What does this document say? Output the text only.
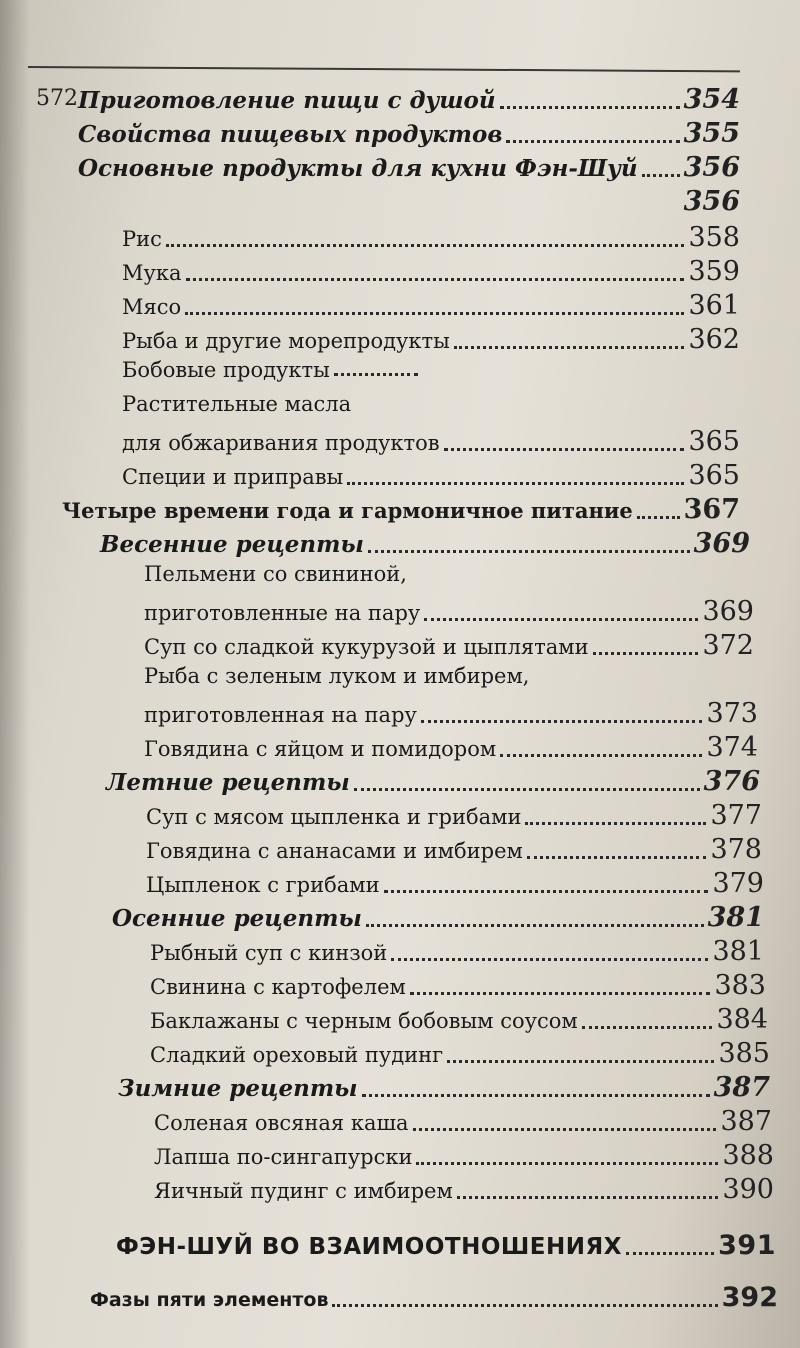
572 Приготовление пищи с душой	354
Свойства пищевых продуктов	355
Основные продукты для кухни Фэн-Шуй 356
356
Рис	358
Мука	359
Мясо	361
Рыба и другие морепродукты	362
Бобовые продукты
Растительные масла
для обжаривания продуктов	365
Специи и приправы	365
Четыре времени года и гармоничное питание 367
Весенние рецепты	369
Пельмени со свининой,
приготовленные на пару	369
Суп со сладкой кукурузой и цыплятами	372
Рыба с зеленым луком и имбирем,
приготовленная на пару	373
Говядина с яйцом и помидором	374
Летние рецепты	376
Суп с мясом цыпленка и грибами	377
Говядина с ананасами и имбирем	378
Цыпленок с грибами	379
Осенние рецепты	381
Рыбный суп с кинзой	381
Свинина с картофелем	383
Баклажаны с черным бобовым соусом	384
Сладкий ореховый пудинг	385
Зимние рецепты	387
Соленая овсяная каша	387
Лапша по-сингапурски	388
Яичный пудинг с имбирем	390
ФЭН-ШУЙ ВО ВЗАИМООТНОШЕНИЯХ	391
Фазы пяти элементов	392
